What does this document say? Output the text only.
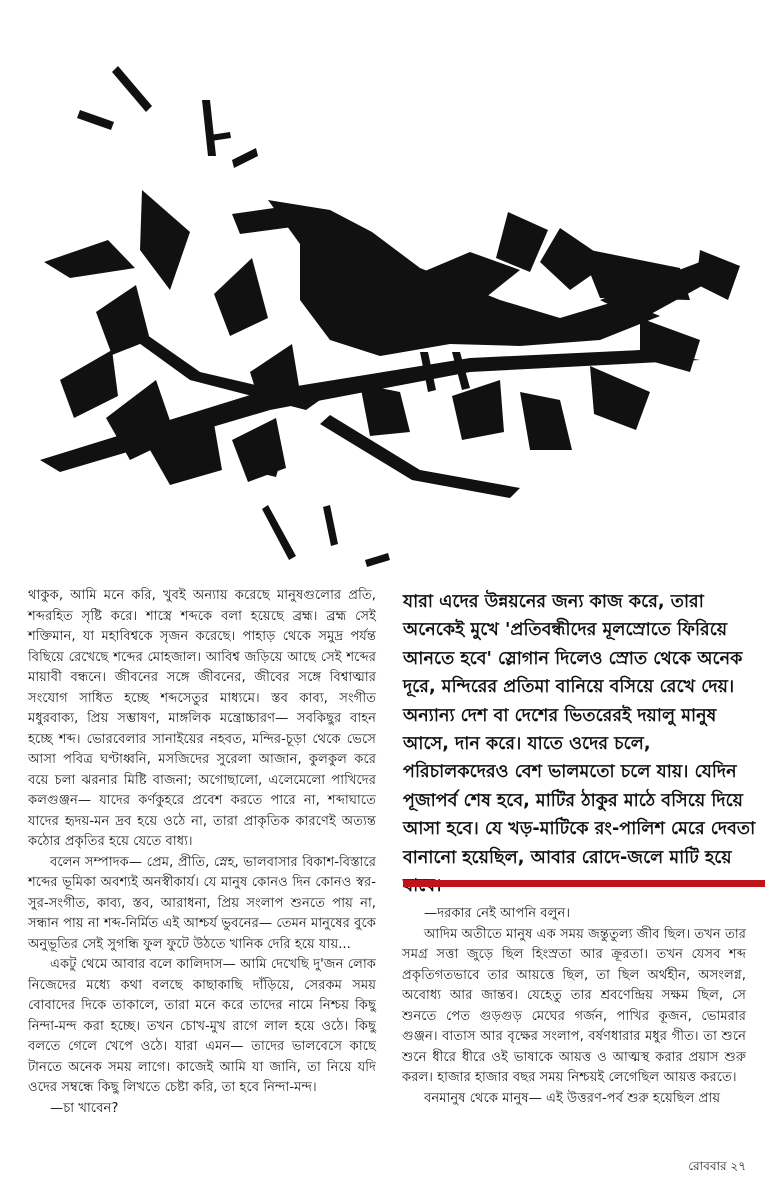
থাকুক, আমি মনে করি, খুবই অন্যায় করেছে মানুষগুলোর প্রতি, শব্দরহিত সৃষ্টি করে। শাস্ত্রে শব্দকে বলা হয়েছে ব্রহ্ম। ব্রহ্ম সেই শক্তিমান, যা মহাবিশ্বকে সৃজন করেছে। পাহাড় থেকে সমুদ্র পর্যন্ত বিছিয়ে রেখেছে শব্দের মোহজাল। আবিশ্ব জড়িয়ে আছে সেই শব্দের মায়াবী বন্ধনে। জীবনের সঙ্গে জীবনের, জীবের সঙ্গে বিশ্বাত্মার সংযোগ সাধিত হচ্ছে শব্দসেতুর মাধ্যমে। স্তব কাব্য, সংগীত মধুরবাক্য, প্রিয় সম্ভাষণ, মাঙ্গলিক মন্ত্রোচ্চারণ— সবকিছুর বাহন হচ্ছে শব্দ। ভোরবেলার সানাইয়ের নহবত, মন্দির-চূড়া থেকে ভেসে আসা পবিত্র ঘণ্টাধ্বনি, মসজিদের সুরেলা আজান, কুলকুল করে বয়ে চলা ঝরনার মিষ্টি বাজনা; অগোছালো, এলেমেলো পাখিদের কলগুঞ্জন— যাদের কর্ণকুহরে প্রবেশ করতে পারে না, শব্দাঘাতে যাদের হৃদয়-মন দ্রব হয়ে ওঠে না, তারা প্রাকৃতিক কারণেই অত্যন্ত কঠোর প্রকৃতির হয়ে যেতে বাধ্য।

বলেন সম্পাদক— প্রেম, প্রীতি, স্নেহ, ভালবাসার বিকাশ-বিস্তারে শব্দের ভূমিকা অবশ্যই অনস্বীকার্য। যে মানুষ কোনও দিন কোনও স্বর-সুর-সংগীত, কাব্য, স্তব, আরাধনা, প্রিয় সংলাপ শুনতে পায় না, সন্ধান পায় না শব্দ-নির্মিত এই আশ্চর্য ভুবনের— তেমন মানুষের বুকে অনুভূতির সেই সুগন্ধি ফুল ফুটে উঠতে খানিক দেরি হয়ে যায়...

একটু থেমে আবার বলে কালিদাস— আমি দেখেছি দু'জন লোক নিজেদের মধ্যে কথা বলছে কাছাকাছি দাঁড়িয়ে, সেরকম সময় বোবাদের দিকে তাকালে, তারা মনে করে তাদের নামে নিশ্চয় কিছু নিন্দা-মন্দ করা হচ্ছে। তখন চোখ-মুখ রাগে লাল হয়ে ওঠে। কিছু বলতে গেলে খেপে ওঠে। যারা এমন— তাদের ভালবেসে কাছে টানতে অনেক সময় লাগে। কাজেই আমি যা জানি, তা নিয়ে যদি ওদের সম্বন্ধে কিছু লিখতে চেষ্টা করি, তা হবে নিন্দা-মন্দ।

—চা খাবেন?

যারা এদের উন্নয়নের জন্য কাজ করে, তারা অনেকেই মুখে 'প্রতিবন্ধীদের মূলস্রোতে ফিরিয়ে আনতে হবে' স্লোগান দিলেও স্রোত থেকে অনেক দূরে, মন্দিরের প্রতিমা বানিয়ে বসিয়ে রেখে দেয়। অন্যান্য দেশ বা দেশের ভিতরেরই দয়ালু মানুষ আসে, দান করে। যাতে ওদের চলে, পরিচালকদেরও বেশ ভালমতো চলে যায়। যেদিন পূজাপর্ব শেষ হবে, মাটির ঠাকুর মাঠে বসিয়ে দিয়ে আসা হবে। যে খড়-মাটিকে রং-পালিশ মেরে দেবতা বানানো হয়েছিল, আবার রোদে-জলে মাটি হয়ে

—দরকার নেই আপনি বলুন।

আদিম অতীতে মানুষ এক সময় জন্তুতুল্য জীব ছিল। তখন তার সমগ্র সত্তা জুড়ে ছিল হিংস্রতা আর ক্রূরতা। তখন যেসব শব্দ প্রকৃতিগতভাবে তার আয়ত্তে ছিল, তা ছিল অর্থহীন, অসংলগ্ন, অবোধ্য আর জান্তব। যেহেতু তার শ্রবণেন্দ্রিয় সক্ষম ছিল, সে শুনতে পেত গুড়গুড় মেঘের গর্জন, পাখির কূজন, ভোমরার গুঞ্জন। বাতাস আর বৃক্ষের সংলাপ, বর্ষণধারার মধুর গীত। তা শুনে শুনে ধীরে ধীরে ওই ভাষাকে আয়ত্ত ও আত্মস্থ করার প্রয়াস শুরু করল। হাজার হাজার বছর সময় নিশ্চয়ই লেগেছিল আয়ত্ত করতে।

বনমানুষ থেকে মানুষ— এই উত্তরণ-পর্ব শুরু হয়েছিল প্রায়

রোববার ২৭
